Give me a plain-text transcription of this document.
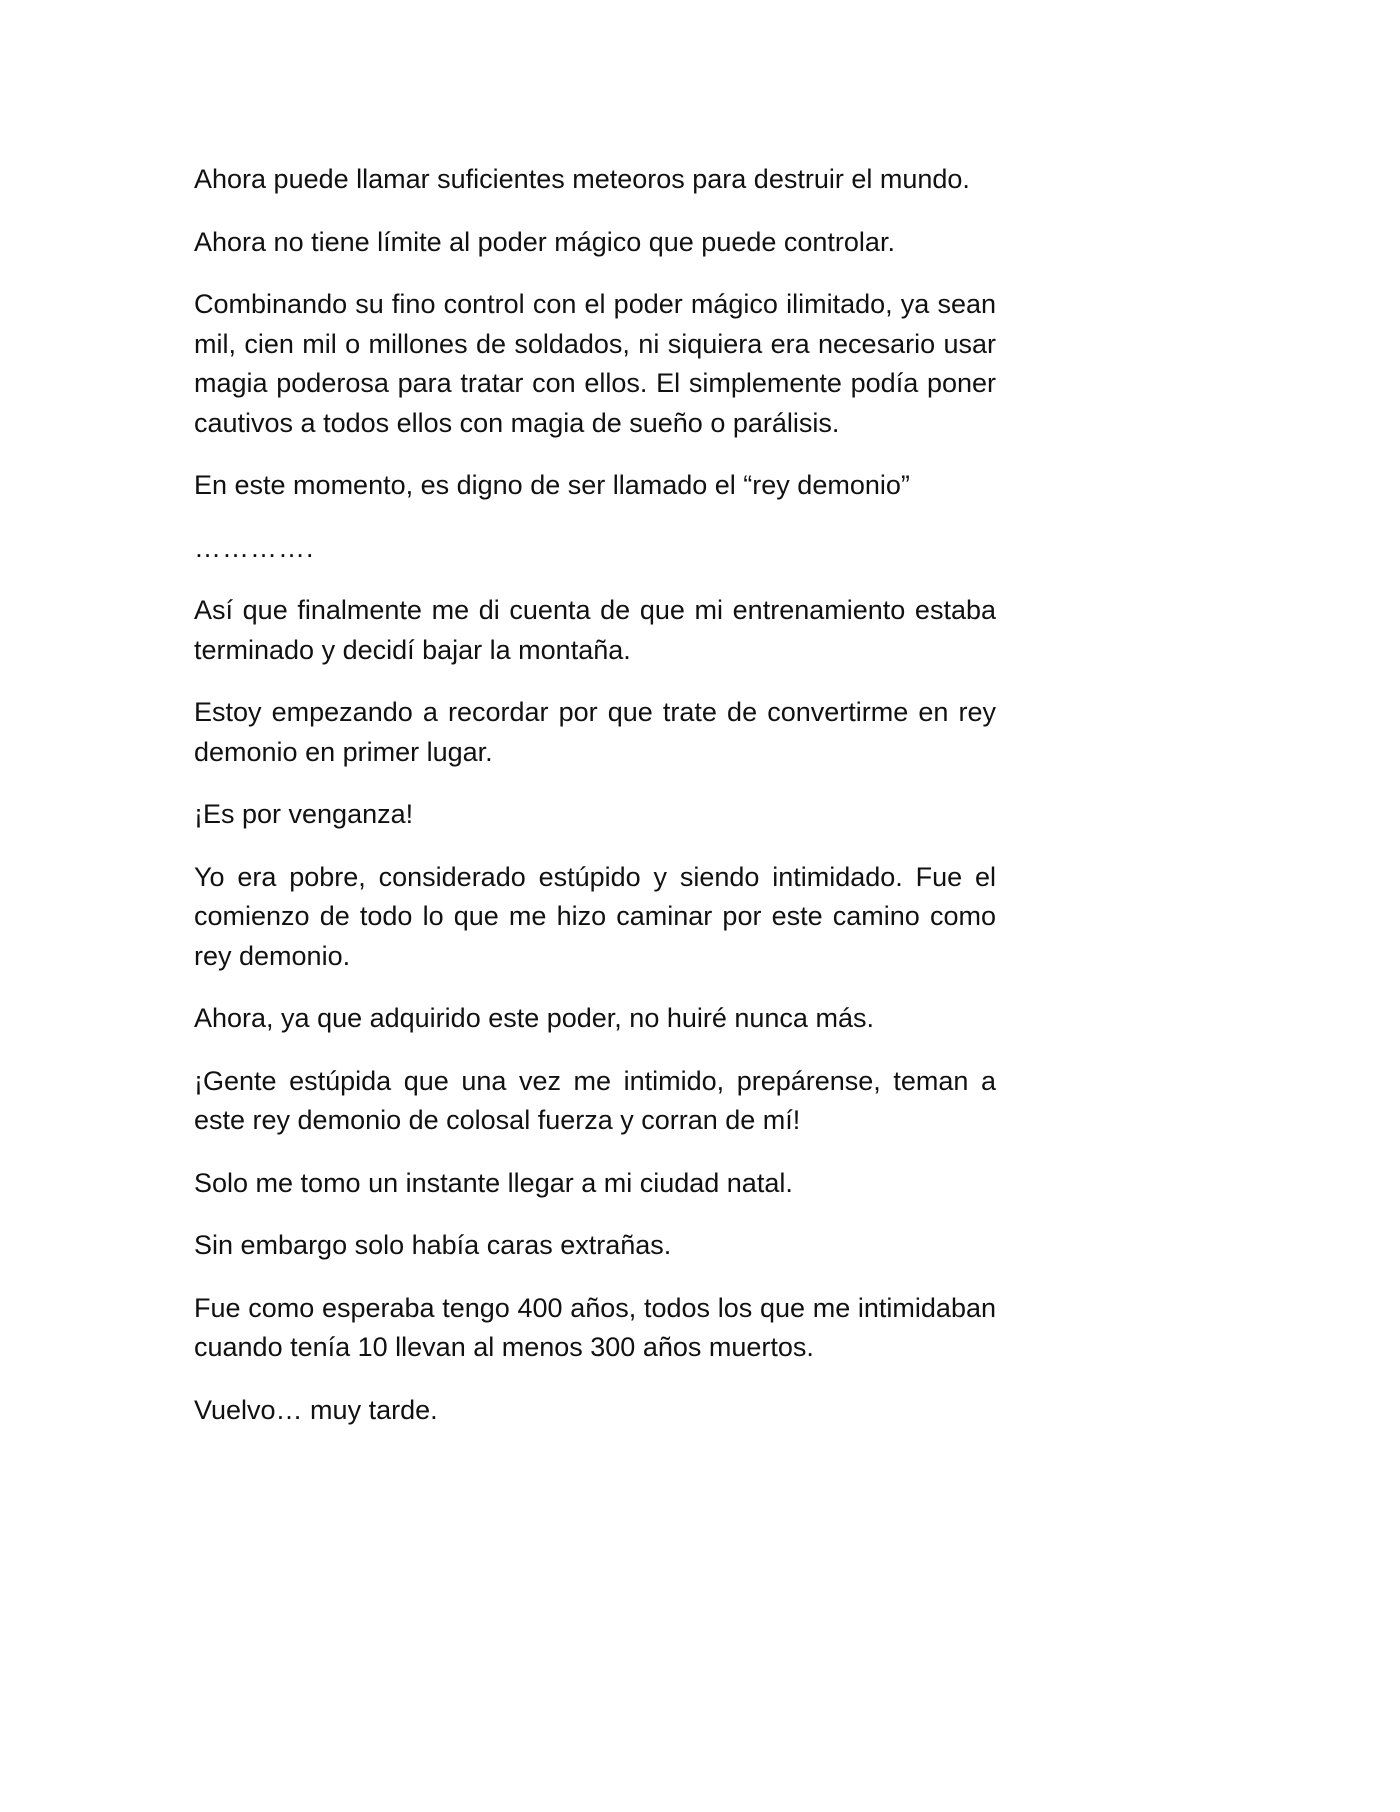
Ahora puede llamar suficientes meteoros para destruir el mundo.

Ahora no tiene límite al poder mágico que puede controlar.

Combinando su fino control con el poder mágico ilimitado, ya sean mil, cien mil o millones de soldados, ni siquiera era necesario usar magia poderosa para tratar con ellos. El simplemente podía poner cautivos a todos ellos con magia de sueño o parálisis.

En este momento, es digno de ser llamado el “rey demonio”

………….

Así que finalmente me di cuenta de que mi entrenamiento estaba terminado y decidí bajar la montaña.

Estoy empezando a recordar por que trate de convertirme en rey demonio en primer lugar.

¡Es por venganza!

Yo era pobre, considerado estúpido y siendo intimidado. Fue el comienzo de todo lo que me hizo caminar por este camino como rey demonio.

Ahora, ya que adquirido este poder, no huiré nunca más.

¡Gente estúpida que una vez me intimido, prepárense, teman a este rey demonio de colosal fuerza y corran de mí!

Solo me tomo un instante llegar a mi ciudad natal.

Sin embargo solo había caras extrañas.

Fue como esperaba tengo 400 años, todos los que me intimidaban cuando tenía 10 llevan al menos 300 años muertos.

Vuelvo… muy tarde.
